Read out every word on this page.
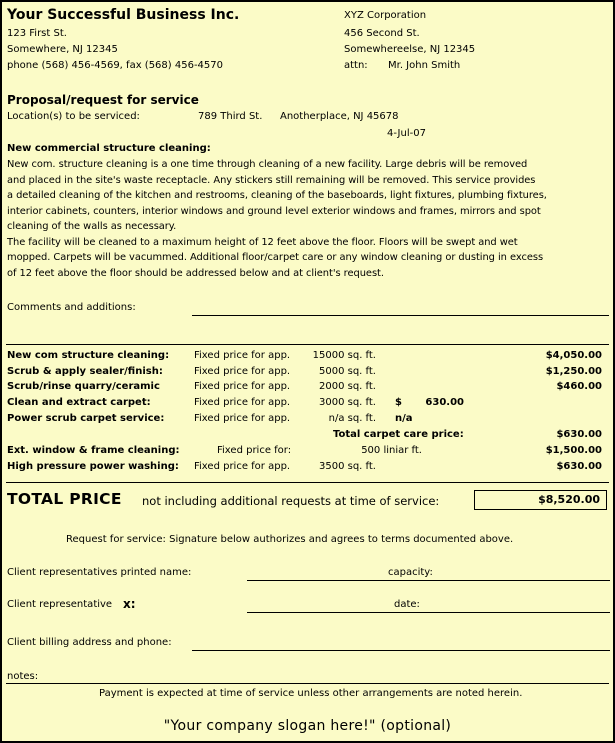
Your Successful Business Inc.
123 First St.
Somewhere, NJ 12345
phone (568) 456-4569, fax (568) 456-4570
XYZ Corporation
456 Second St.
Somewhereelse, NJ 12345
attn: Mr. John Smith
Proposal/request for service
Location(s) to be serviced:	789 Third St. Anotherplace, NJ 45678
4-Jul-07
New commercial structure cleaning:
New com. structure cleaning is a one time through cleaning of a new facility. Large debris will be removed
and placed in the site's waste receptacle. Any stickers still remaining will be removed. This service provides
a detailed cleaning of the kitchen and restrooms, cleaning of the baseboards, light fixtures, plumbing fixtures,
interior cabinets, counters, interior windows and ground level exterior windows and frames, mirrors and spot
cleaning of the walls as necessary.
The facility will be cleaned to a maximum height of 12 feet above the floor. Floors will be swept and wet
mopped. Carpets will be vacummed. Additional floor/carpet care or any window cleaning or dusting in excess
of 12 feet above the floor should be addressed below and at client's request.
Comments and additions:
New com structure cleaning: Fixed price for app.	15000 sq. ft.	$4,050.00
Scrub & apply sealer/finish:	Fixed price for app.	5000 sq. ft.	$1,250.00
Scrub/rinse quarry/ceramic	Fixed price for app.	2000 sq. ft.	$460.00
Clean and extract carpet:	Fixed price for app.	3000 sq. ft. $	630.00
Power scrub carpet service:	Fixed price for app.	n/a sq. ft. n/a
Total carpet care price:	$630.00
Ext. window & frame cleaning:	Fixed price for:	500 liniar ft.	$1,500.00
High pressure power washing: Fixed price for app.	3500 sq. ft.	$630.00
TOTAL PRICE not including additional requests at time of service:	$8,520.00
Request for service: Signature below authorizes and agrees to terms documented above.
Client representatives printed name:	capacity:
Client representative x:	date:
Client billing address and phone:
notes:
Payment is expected at time of service unless other arrangements are noted herein.
"Your company slogan here!" (optional)
